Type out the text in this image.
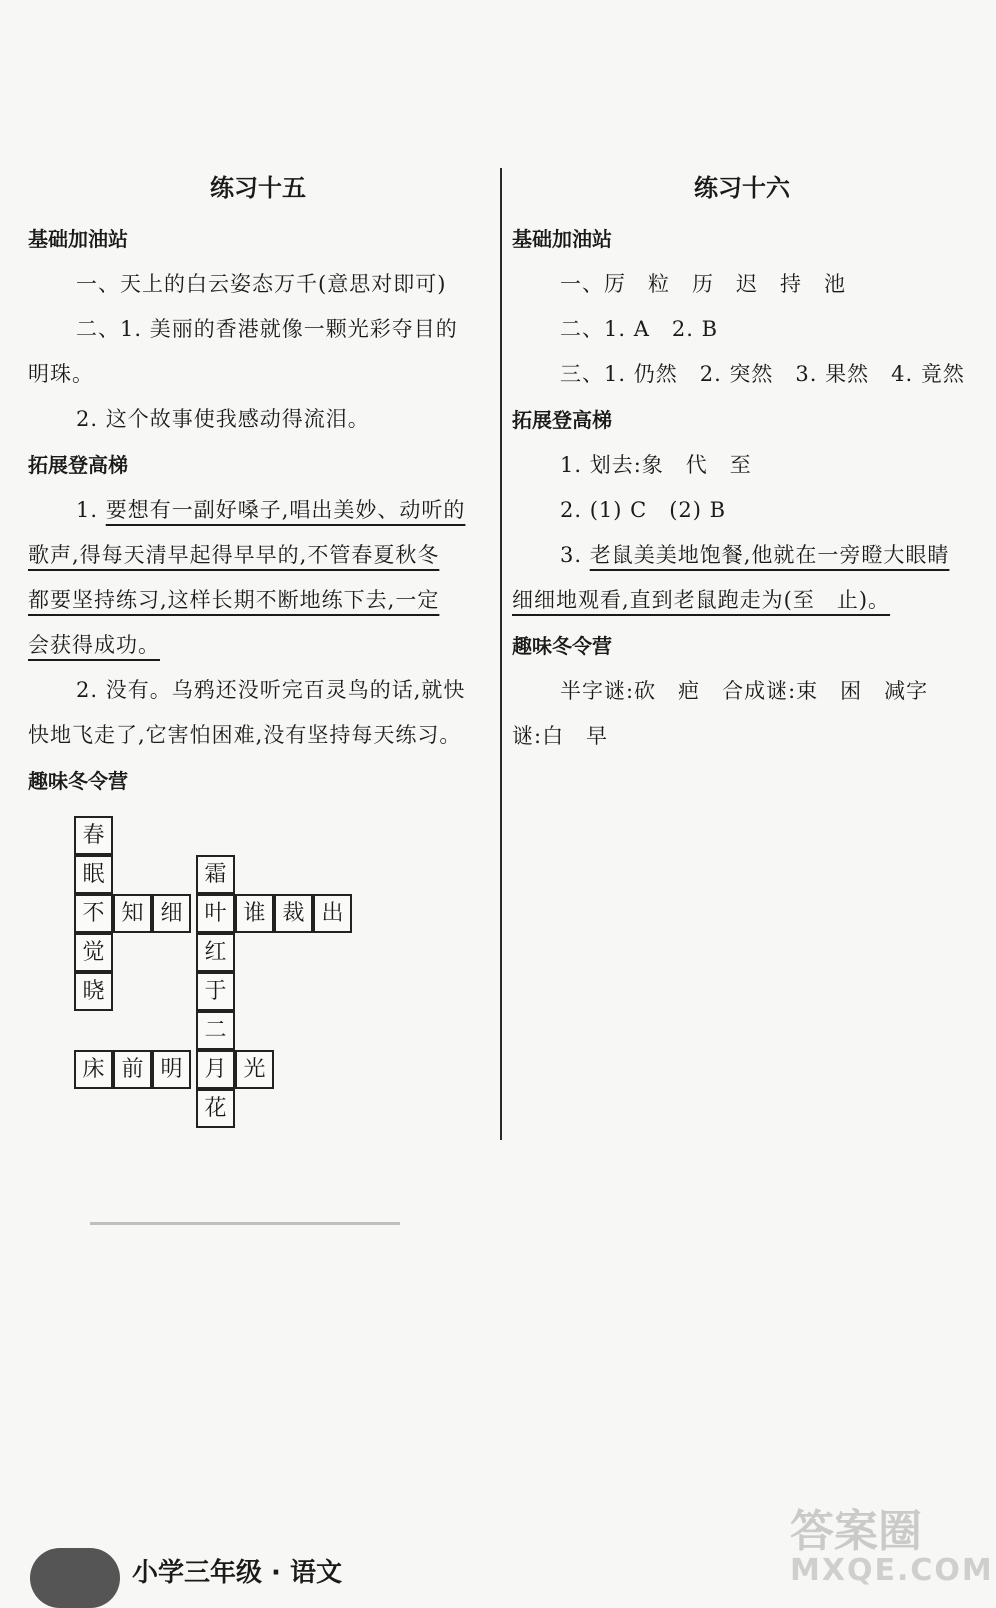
练习十五
基础加油站
一、天上的白云姿态万千(意思对即可)
二、1. 美丽的香港就像一颗光彩夺目的
明珠。
2. 这个故事使我感动得流泪。
拓展登高梯
1. 要想有一副好嗓子,唱出美妙、动听的
歌声,得每天清早起得早早的,不管春夏秋冬
都要坚持练习,这样长期不断地练下去,一定
会获得成功。
2. 没有。乌鸦还没听完百灵鸟的话,就快
快地飞走了,它害怕困难,没有坚持每天练习。
趣味冬令营
春
眠
不
觉
晓
知 细
霜
叶 谁 裁 出
红
于
二
月
花
床 前 明	光
练习十六
基础加油站
一、厉　粒　历　迟　持　池
二、1. A　2. B
三、1. 仍然　2. 突然　3. 果然　4. 竟然
拓展登高梯
1. 划去:象　代　至
2. (1) C　(2) B
3. 老鼠美美地饱餐,他就在一旁瞪大眼睛
细细地观看,直到老鼠跑走为(至　止)。
趣味冬令营
半字谜:砍　疤　合成谜:束　困　减字
谜:白　早
答案圈
MXQE.COM
小学三年级 · 语文
